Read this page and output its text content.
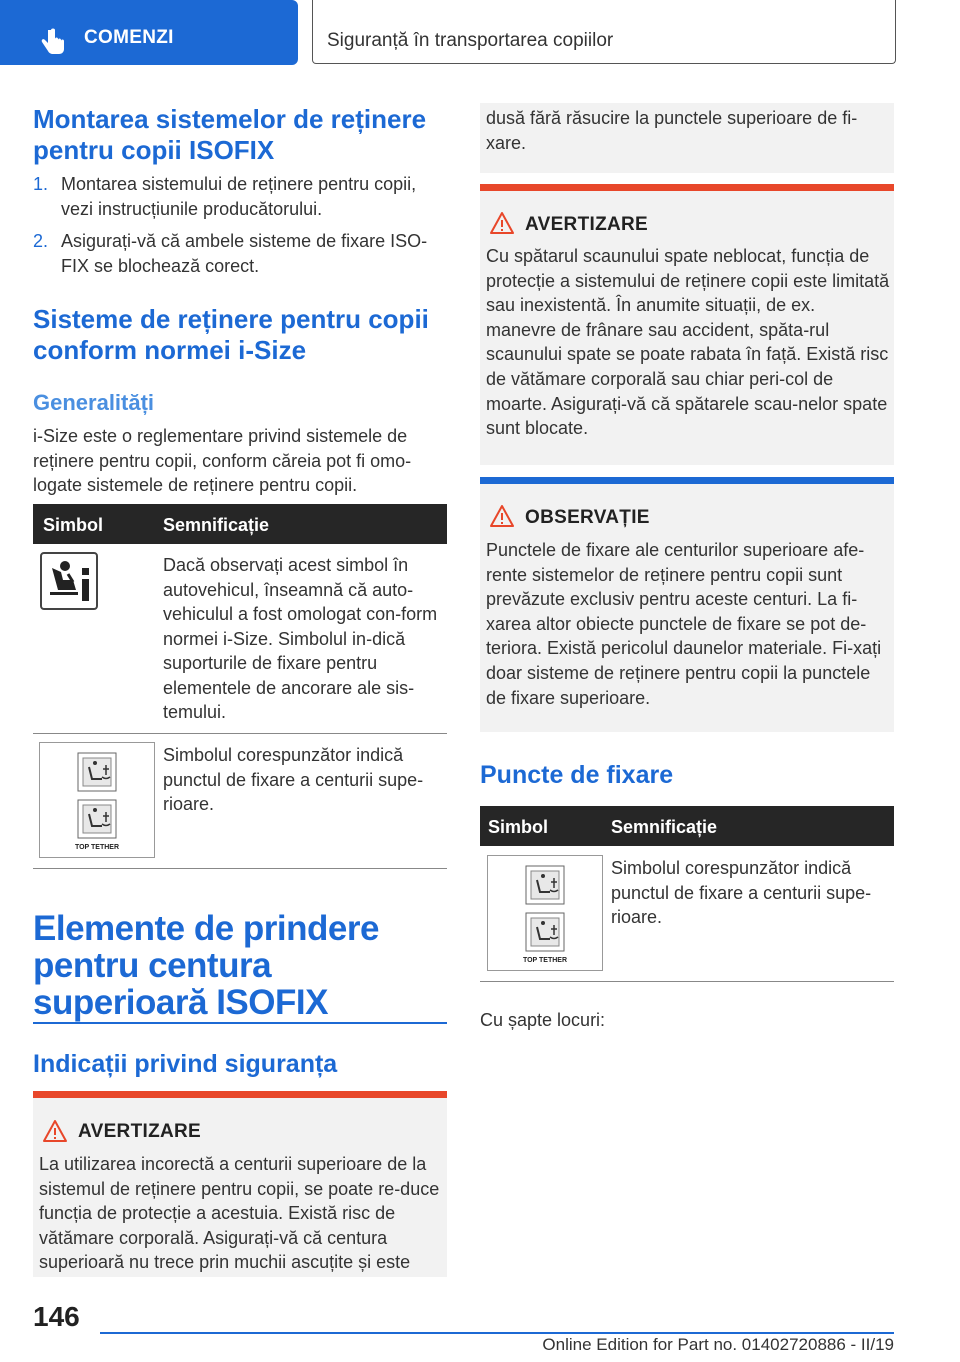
COMENZI	Siguranță în transportarea copiilor
Montarea sistemelor de reținere pentru copii ISOFIX
1. Montarea sistemului de reținere pentru copii, vezi instrucțiunile producătorului.
2. Asigurați-vă că ambele sisteme de fixare ISO‐FIX se blochează corect.
Sisteme de reținere pentru copii conform normei i-Size
Generalități
i-Size este o reglementare privind sistemele de reținere pentru copii, conform căreia pot fi omo‐logate sistemele de reținere pentru copii.
Simbol	Semnificație
Dacă observați acest simbol în autovehicul, înseamnă că auto‐vehiculul a fost omologat con‐form normei i-Size. Simbolul in‐dică suporturile de fixare pentru elementele de ancorare ale sis‐temului.
TOP TETHER
Simbolul corespunzător indică punctul de fixare a centurii supe‐rioare.
Elemente de prindere pentru centura superioară ISOFIX
Indicații privind siguranța
AVERTIZARE
La utilizarea incorectă a centurii superioare de la sistemul de reținere pentru copii, se poate re‐duce funcția de protecție a acestuia. Există risc de vătămare corporală. Asigurați-vă că centura superioară nu trece prin muchii ascuțite și este
dusă fără răsucire la punctele superioare de fi‐xare.
AVERTIZARE
Cu spătarul scaunului spate neblocat, funcția de protecție a sistemului de reținere copii este limitată sau inexistentă. În anumite situații, de ex. manevre de frânare sau accident, spăta‐rul scaunului spate se poate rabata în față. Există risc de vătămare corporală sau chiar peri‐col de moarte. Asigurați-vă că spătarele scau‐nelor spate sunt blocate.
OBSERVAȚIE
Punctele de fixare ale centurilor superioare afe‐rente sistemelor de reținere pentru copii sunt prevăzute exclusiv pentru aceste centuri. La fi‐xarea altor obiecte punctele de fixare se pot de‐teriora. Există pericolul daunelor materiale. Fi‐xați doar sisteme de reținere pentru copii la punctele de fixare superioare.
Puncte de fixare
Simbol	Semnificație
TOP TETHER
Simbolul corespunzător indică punctul de fixare a centurii supe‐rioare.
Cu șapte locuri:
146
Online Edition for Part no. 01402720886 - II/19
